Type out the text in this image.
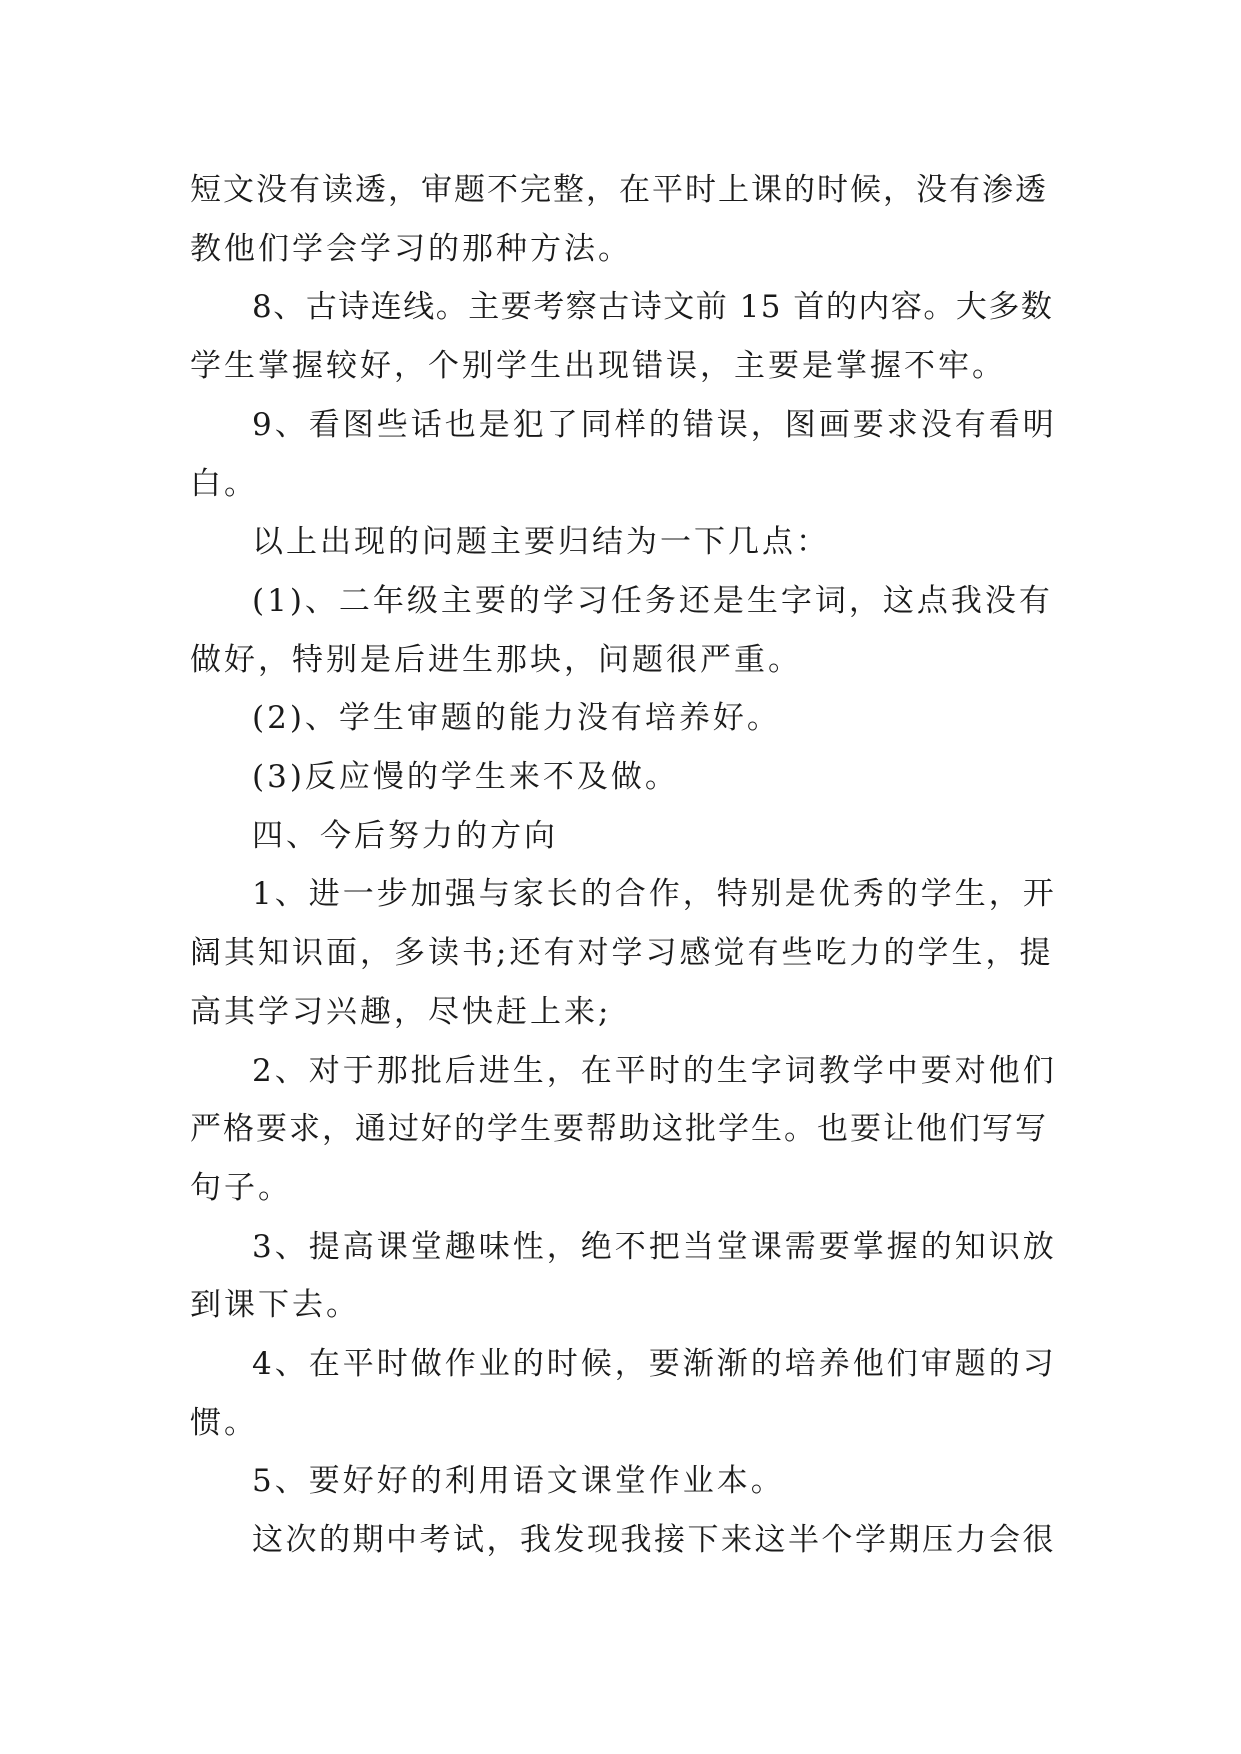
短文没有读透，审题不完整，在平时上课的时候，没有渗透
教他们学会学习的那种方法。
8、古诗连线。主要考察古诗文前 15 首的内容。大多数
学生掌握较好，个别学生出现错误，主要是掌握不牢。
9、看图些话也是犯了同样的错误，图画要求没有看明
白。
以上出现的问题主要归结为一下几点：
(1)、二年级主要的学习任务还是生字词，这点我没有
做好，特别是后进生那块，问题很严重。
(2)、学生审题的能力没有培养好。
(3)反应慢的学生来不及做。
四、今后努力的方向
1、进一步加强与家长的合作，特别是优秀的学生，开
阔其知识面，多读书;还有对学习感觉有些吃力的学生，提
高其学习兴趣，尽快赶上来;
2、对于那批后进生，在平时的生字词教学中要对他们
严格要求，通过好的学生要帮助这批学生。也要让他们写写
句子。
3、提高课堂趣味性，绝不把当堂课需要掌握的知识放
到课下去。
4、在平时做作业的时候，要渐渐的培养他们审题的习
惯。
5、要好好的利用语文课堂作业本。
这次的期中考试，我发现我接下来这半个学期压力会很
